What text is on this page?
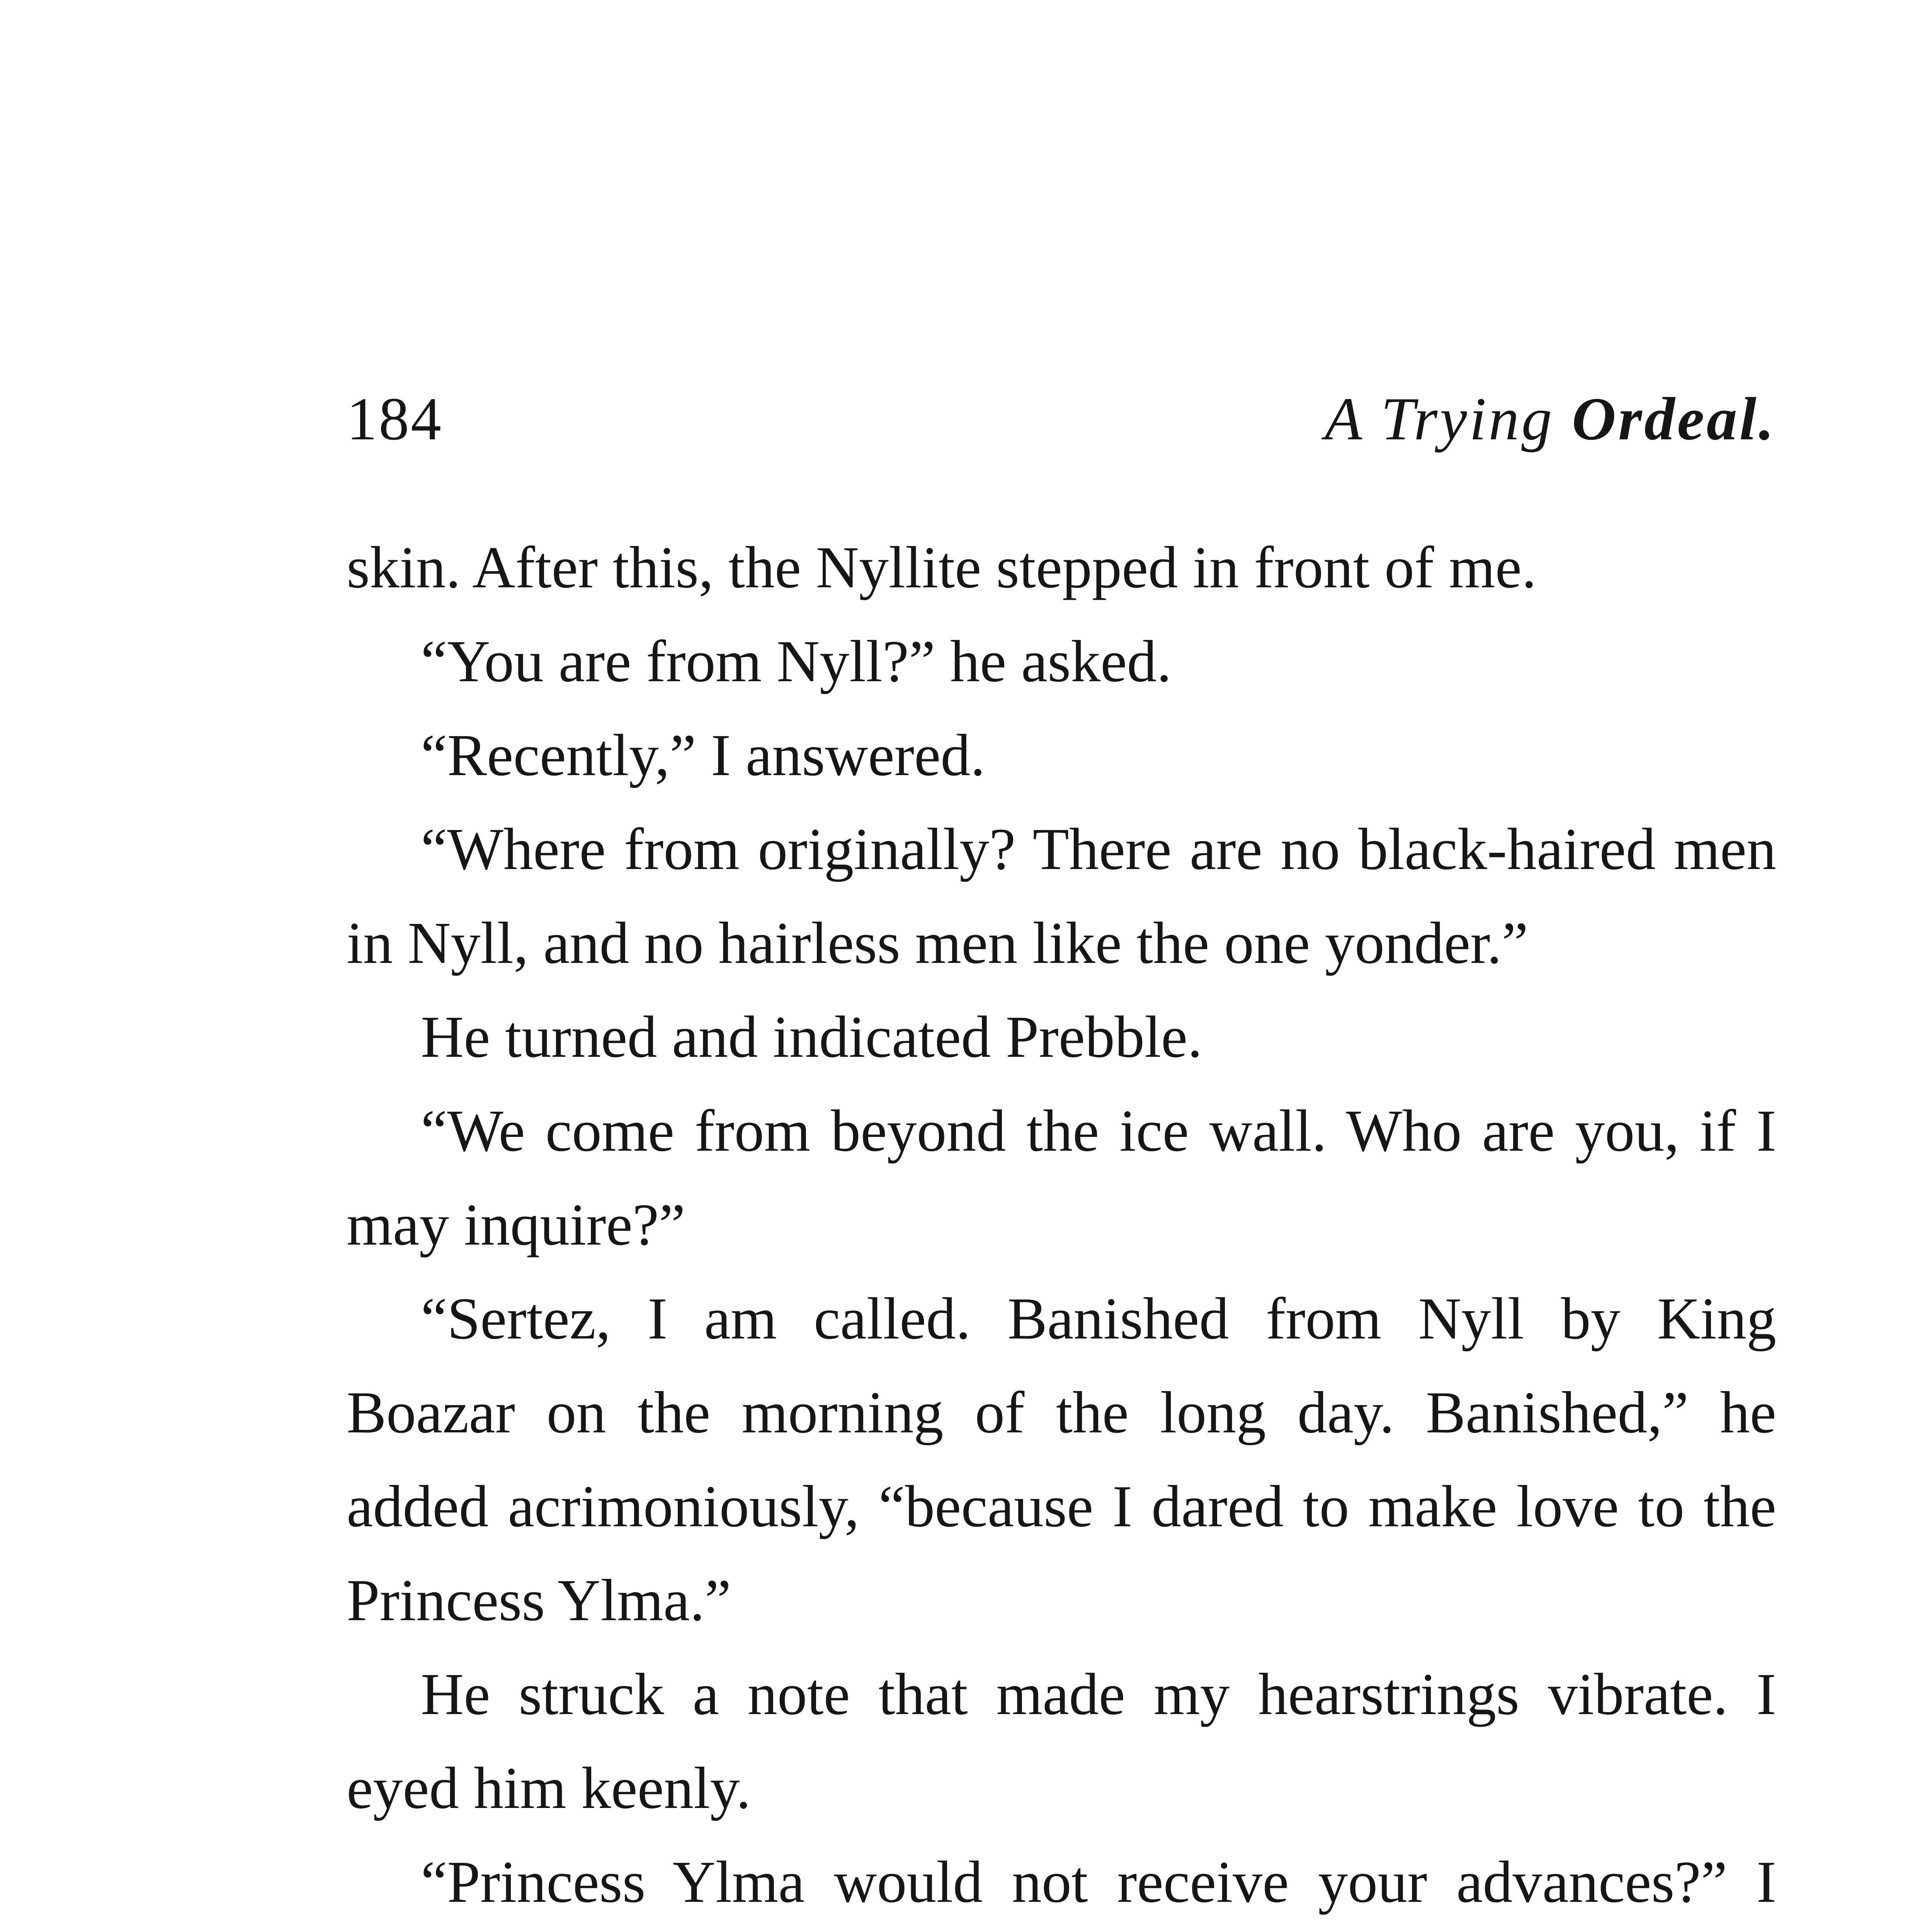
184	A Trying Ordeal.

skin. After this, the Nyllite stepped in front of me.

“You are from Nyll?” he asked.

“Recently,” I answered.

“Where from originally? There are no black-haired men in Nyll, and no hairless men like the one yonder.”

He turned and indicated Prebble.

“We come from beyond the ice wall. Who are you, if I may inquire?”

“Sertez, I am called. Banished from Nyll by King Boazar on the morning of the long day. Banished,” he added acrimoniously, “because I dared to make love to the Princess Ylma.”

He struck a note that made my hearstrings vibrate. I eyed him keenly.

“Princess Ylma would not receive your advances?” I
